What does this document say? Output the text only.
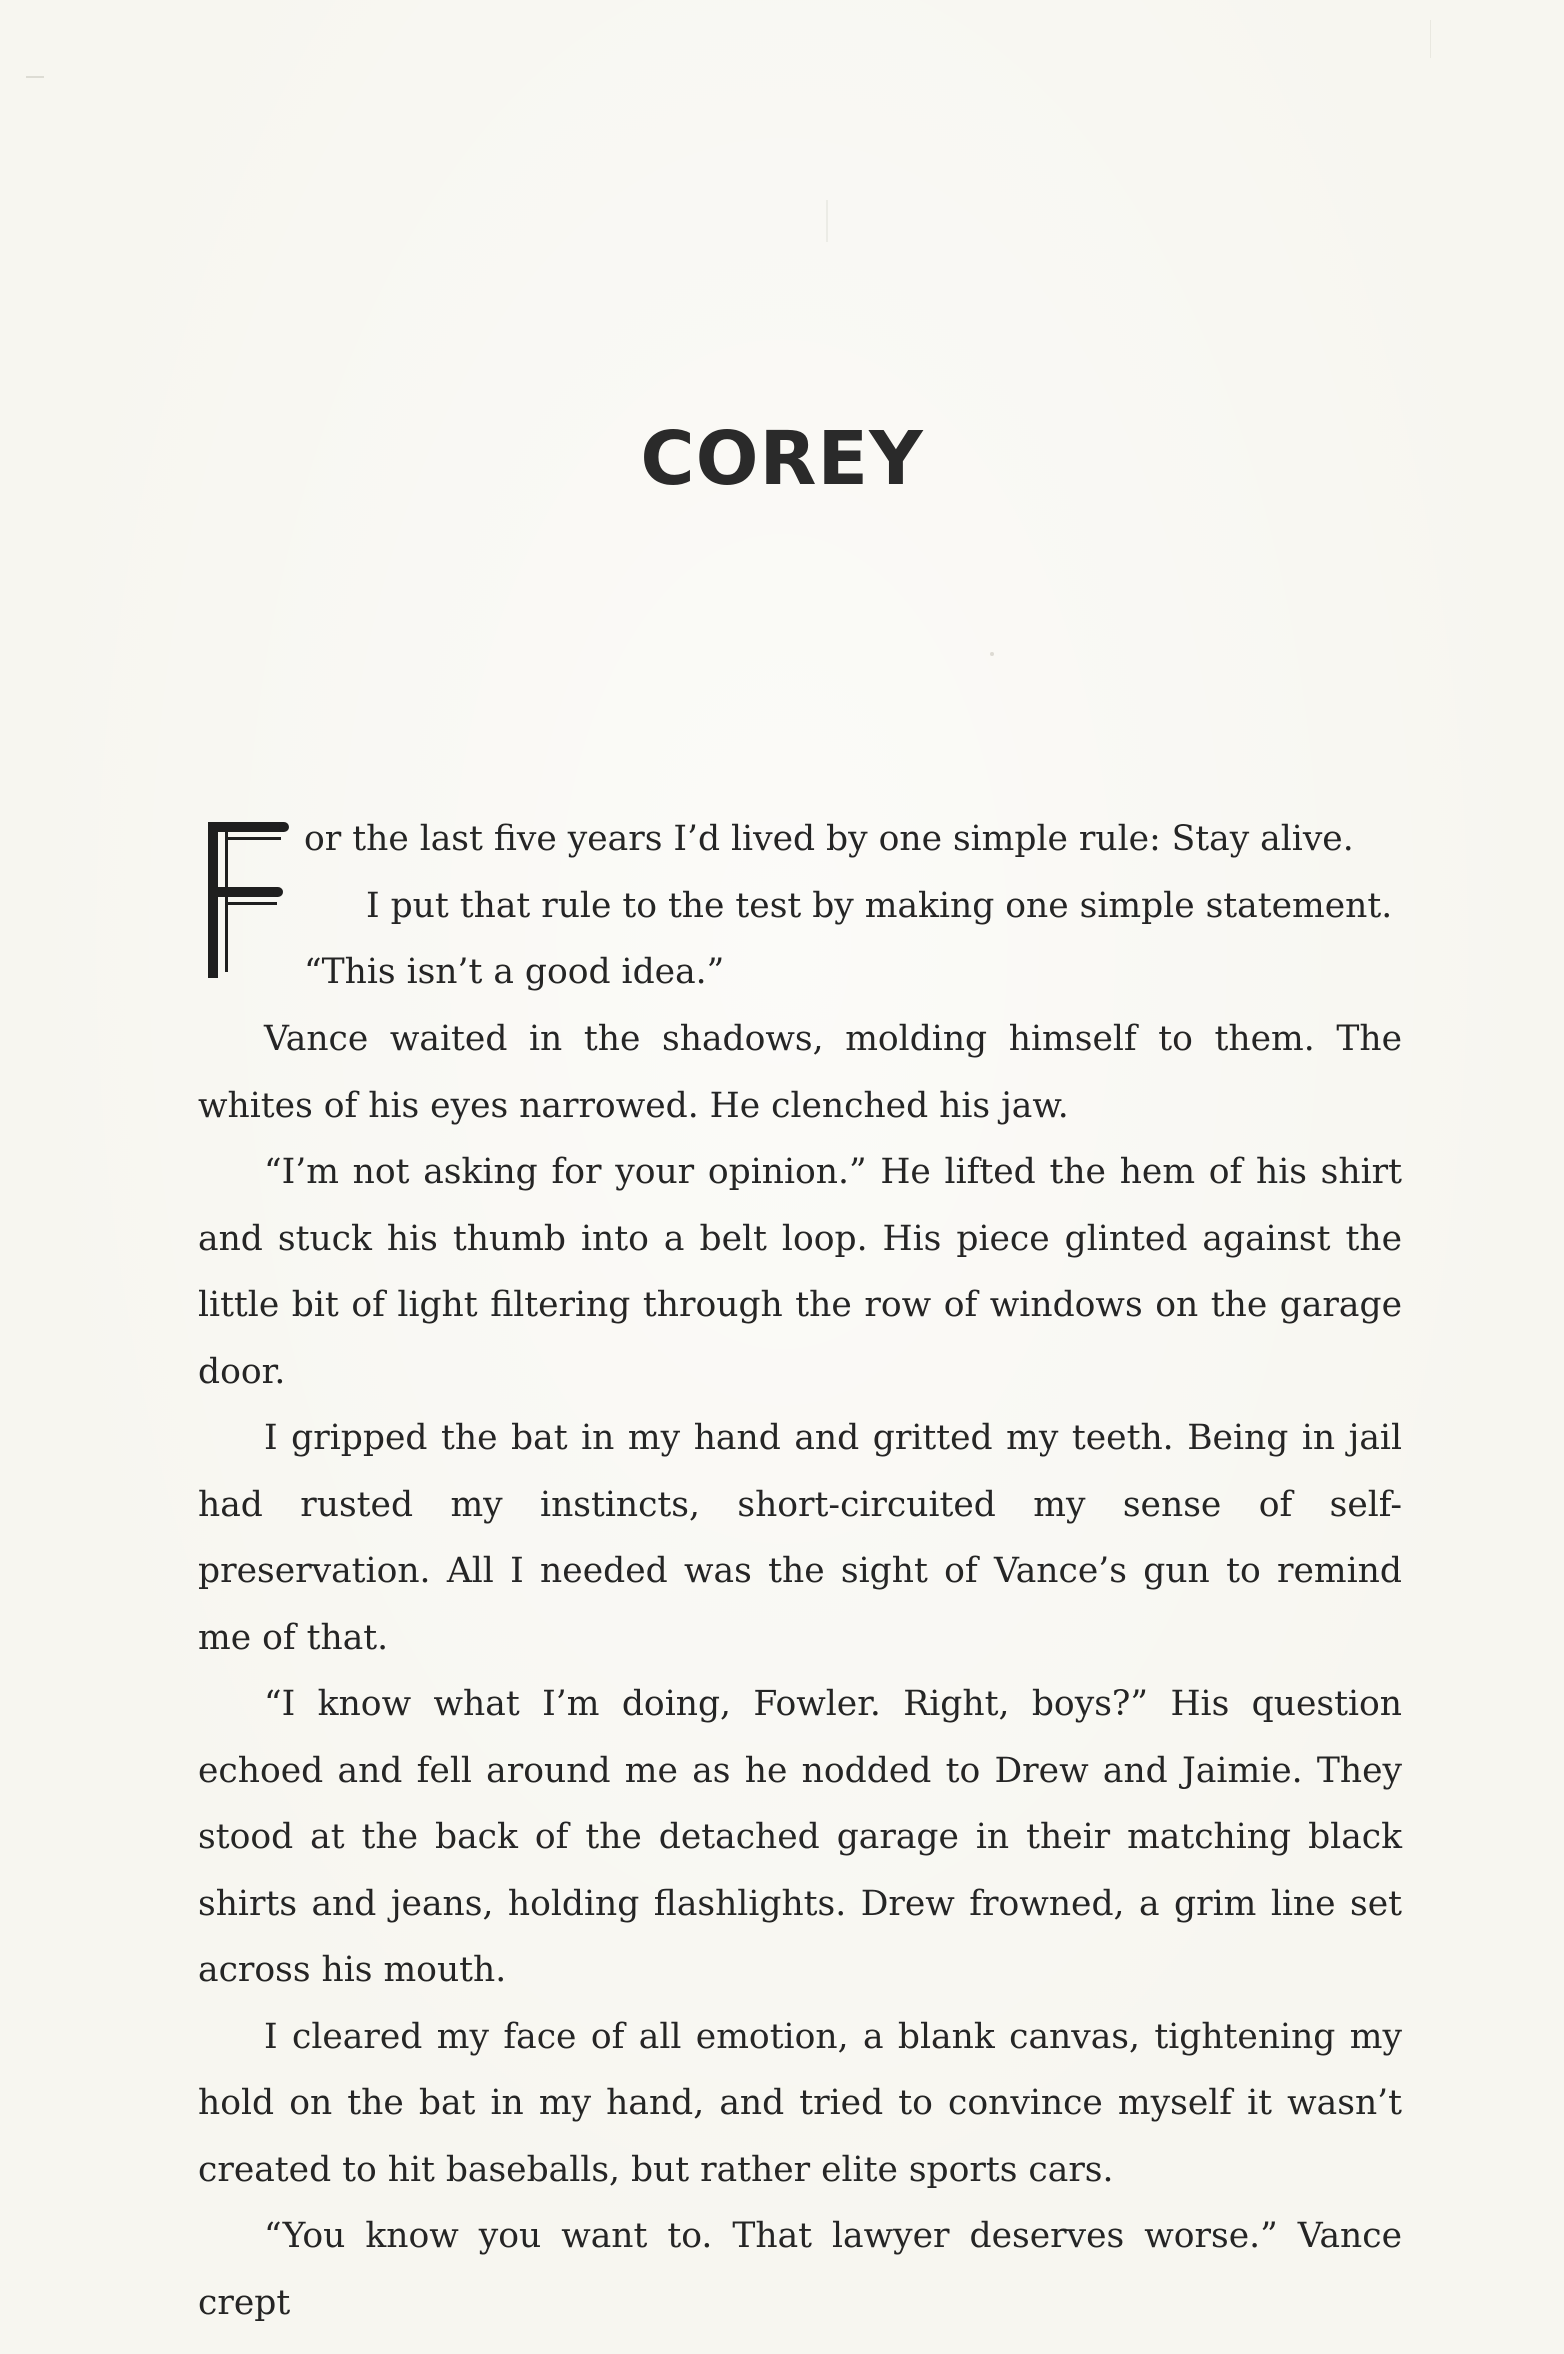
COREY
or the last five years I’d lived by one simple rule: Stay alive.
I put that rule to the test by making one simple statement.
“This isn’t a good idea.”

Vance waited in the shadows, molding himself to them. The whites of his eyes narrowed. He clenched his jaw.

“I’m not asking for your opinion.” He lifted the hem of his shirt and stuck his thumb into a belt loop. His piece glinted against the little bit of light filtering through the row of windows on the garage door.

I gripped the bat in my hand and gritted my teeth. Being in jail had rusted my instincts, short-circuited my sense of self-preservation. All I needed was the sight of Vance’s gun to remind me of that.

“I know what I’m doing, Fowler. Right, boys?” His question echoed and fell around me as he nodded to Drew and Jaimie. They stood at the back of the detached garage in their matching black shirts and jeans, holding flashlights. Drew frowned, a grim line set across his mouth.

I cleared my face of all emotion, a blank canvas, tightening my hold on the bat in my hand, and tried to convince myself it wasn’t created to hit baseballs, but rather elite sports cars.

“You know you want to. That lawyer deserves worse.” Vance crept
